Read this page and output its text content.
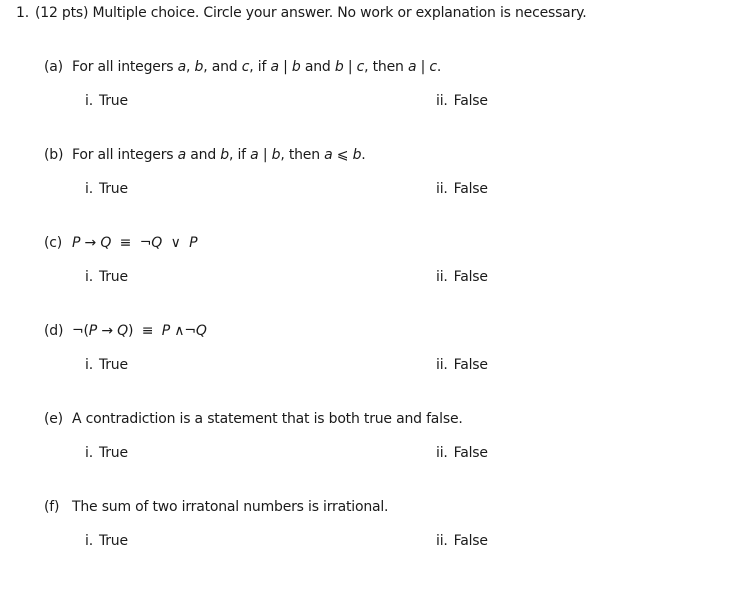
1. (12 pts) Multiple choice. Circle your answer. No work or explanation is necessary.
(a) For all integers a, b, and c, if a | b and b | c, then a | c.
i. True	ii. False
(b) For all integers a and b, if a | b, then a ⩽ b.
i. True	ii. False
(c) P → Q ≡ ¬Q ∨ P
i. True	ii. False
(d) ¬(P → Q) ≡ P ∧¬Q
i. True	ii. False
(e) A contradiction is a statement that is both true and false.
i. True	ii. False
(f) The sum of two irratonal numbers is irrational.
i. True	ii. False
